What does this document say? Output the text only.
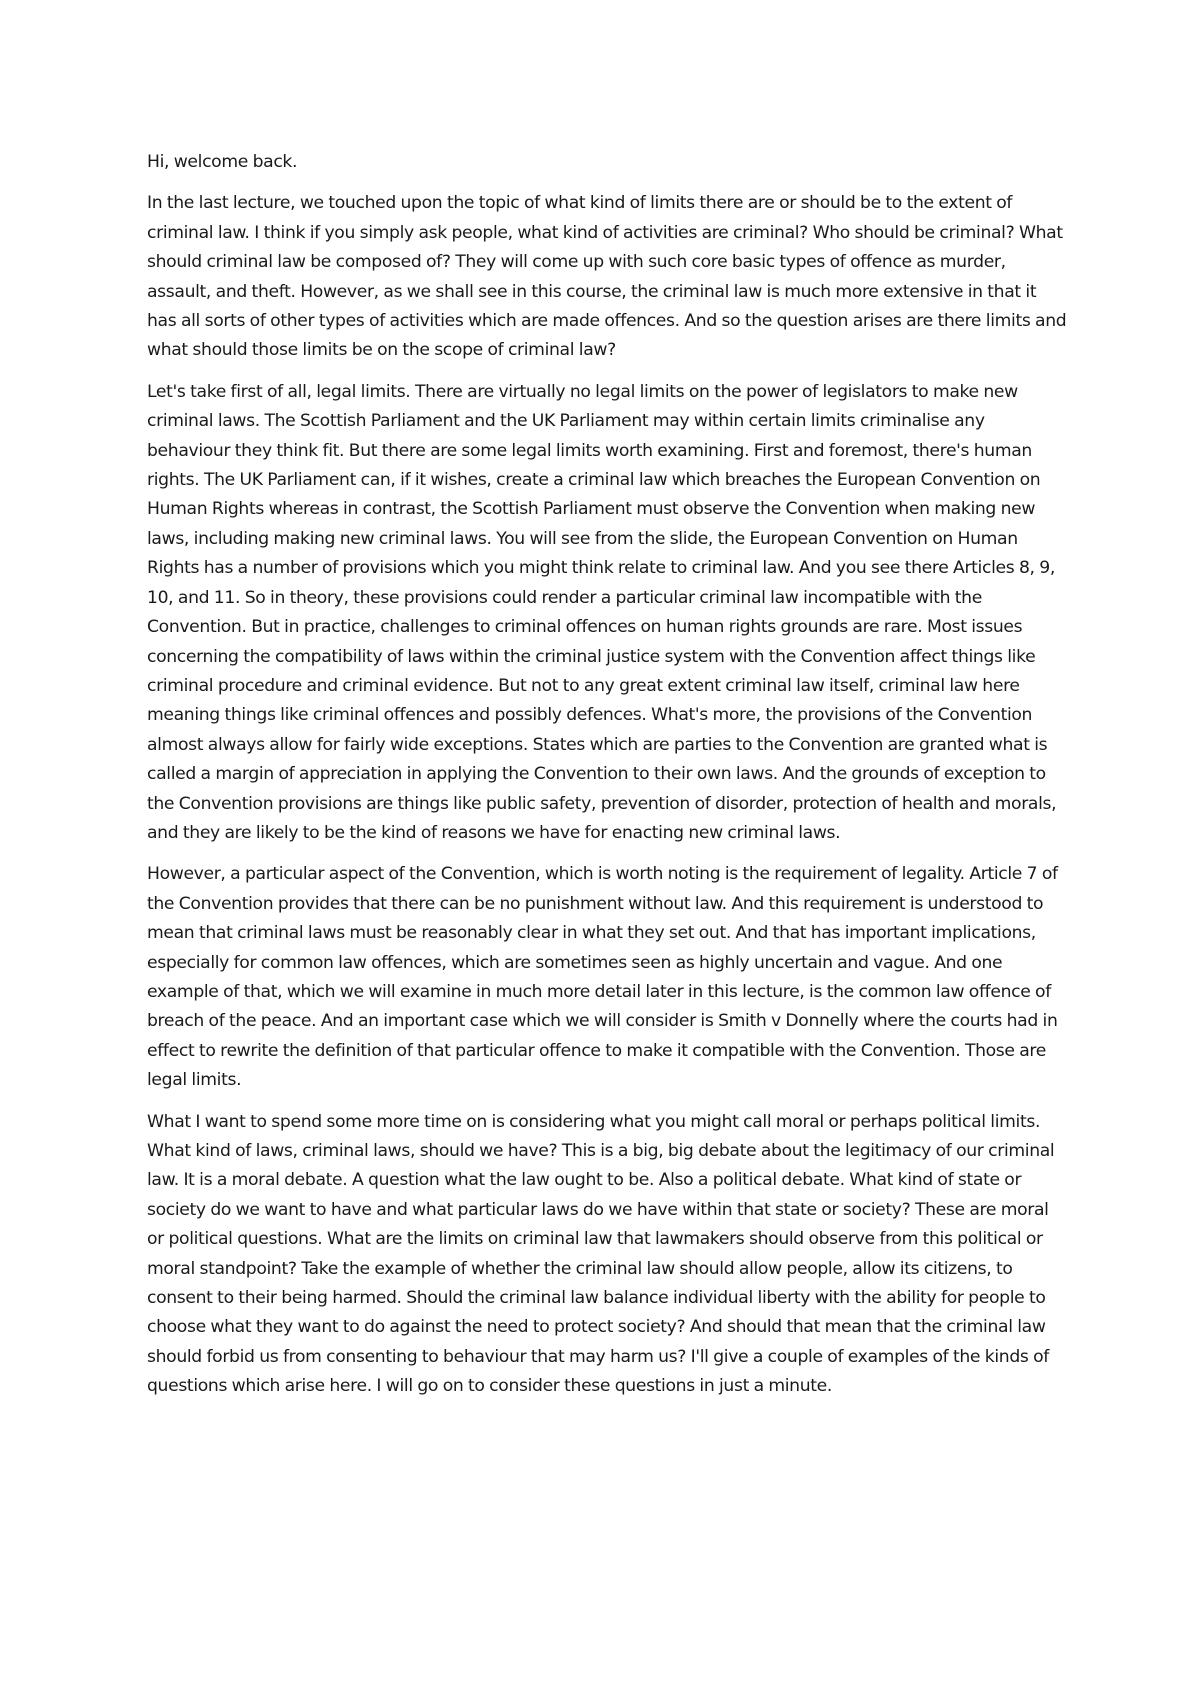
Hi, welcome back.

In the last lecture, we touched upon the topic of what kind of limits there are or should be to the extent of criminal law. I think if you simply ask people, what kind of activities are criminal? Who should be criminal? What should criminal law be composed of? They will come up with such core basic types of offence as murder, assault, and theft. However, as we shall see in this course, the criminal law is much more extensive in that it has all sorts of other types of activities which are made offences. And so the question arises are there limits and what should those limits be on the scope of criminal law?

Let's take first of all, legal limits. There are virtually no legal limits on the power of legislators to make new criminal laws. The Scottish Parliament and the UK Parliament may within certain limits criminalise any behaviour they think fit. But there are some legal limits worth examining. First and foremost, there's human rights. The UK Parliament can, if it wishes, create a criminal law which breaches the European Convention on Human Rights whereas in contrast, the Scottish Parliament must observe the Convention when making new laws, including making new criminal laws. You will see from the slide, the European Convention on Human Rights has a number of provisions which you might think relate to criminal law. And you see there Articles 8, 9, 10, and 11. So in theory, these provisions could render a particular criminal law incompatible with the Convention. But in practice, challenges to criminal offences on human rights grounds are rare. Most issues concerning the compatibility of laws within the criminal justice system with the Convention affect things like criminal procedure and criminal evidence. But not to any great extent criminal law itself, criminal law here meaning things like criminal offences and possibly defences. What's more, the provisions of the Convention almost always allow for fairly wide exceptions. States which are parties to the Convention are granted what is called a margin of appreciation in applying the Convention to their own laws. And the grounds of exception to the Convention provisions are things like public safety, prevention of disorder, protection of health and morals, and they are likely to be the kind of reasons we have for enacting new criminal laws.

However, a particular aspect of the Convention, which is worth noting is the requirement of legality. Article 7 of the Convention provides that there can be no punishment without law. And this requirement is understood to mean that criminal laws must be reasonably clear in what they set out. And that has important implications, especially for common law offences, which are sometimes seen as highly uncertain and vague. And one example of that, which we will examine in much more detail later in this lecture, is the common law offence of breach of the peace. And an important case which we will consider is Smith v Donnelly where the courts had in effect to rewrite the definition of that particular offence to make it compatible with the Convention. Those are legal limits.

What I want to spend some more time on is considering what you might call moral or perhaps political limits. What kind of laws, criminal laws, should we have? This is a big, big debate about the legitimacy of our criminal law. It is a moral debate. A question what the law ought to be. Also a political debate. What kind of state or society do we want to have and what particular laws do we have within that state or society? These are moral or political questions. What are the limits on criminal law that lawmakers should observe from this political or moral standpoint? Take the example of whether the criminal law should allow people, allow its citizens, to consent to their being harmed. Should the criminal law balance individual liberty with the ability for people to choose what they want to do against the need to protect society? And should that mean that the criminal law should forbid us from consenting to behaviour that may harm us? I'll give a couple of examples of the kinds of questions which arise here. I will go on to consider these questions in just a minute.
